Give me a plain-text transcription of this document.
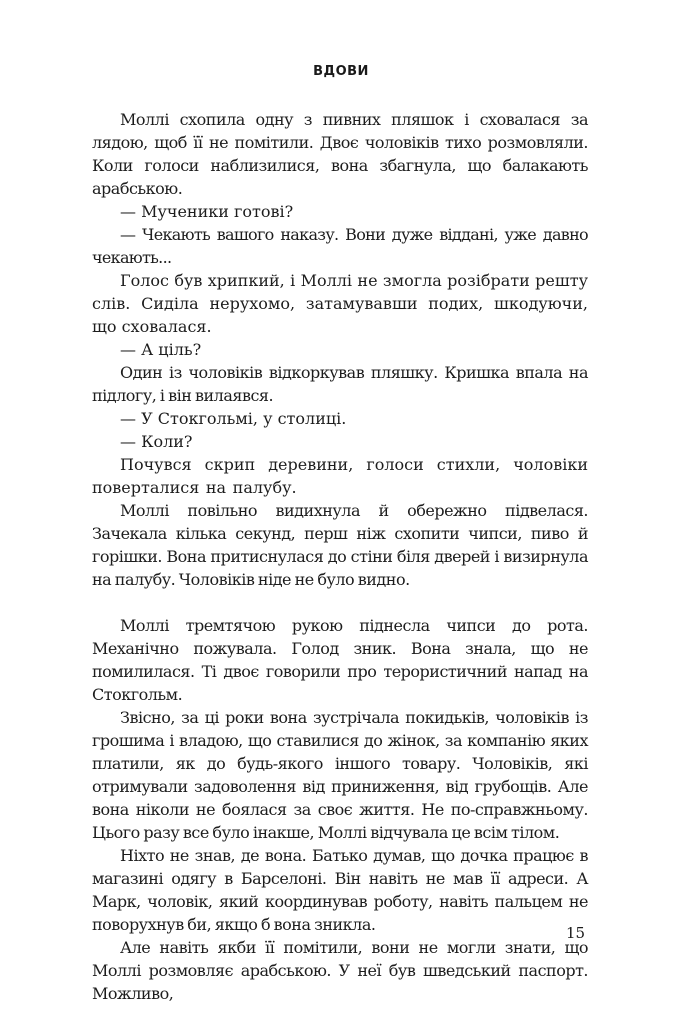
ВДОВИ

Моллі схопила одну з пивних пляшок і сховалася за лядою, щоб її не помітили. Двоє чоловіків тихо розмовляли. Коли голоси наблизилися, вона збагнула, що балакають арабською.

— Мученики готові?

— Чекають вашого наказу. Вони дуже віддані, уже давно чекають...

Голос був хрипкий, і Моллі не змогла розібрати решту слів. Сиділа нерухомо, затамувавши подих, шкодуючи, що сховалася.

— А ціль?

Один із чоловіків відкоркував пляшку. Кришка впала на підлогу, і він вилаявся.

— У Стокгольмі, у столиці.

— Коли?

Почувся скрип деревини, голоси стихли, чоловіки поверталися на палубу.

Моллі повільно видихнула й обережно підвелася. Зачекала кілька секунд, перш ніж схопити чипси, пиво й горішки. Вона притиснулася до стіни біля дверей і визирнула на палубу. Чоловіків ніде не було видно.

Моллі тремтячою рукою піднесла чипси до рота. Механічно пожувала. Голод зник. Вона знала, що не помилилася. Ті двоє говорили про терористичний напад на Стокгольм.

Звісно, за ці роки вона зустрічала покидьків, чоловіків із грошима і владою, що ставилися до жінок, за компанію яких платили, як до будь-якого іншого товару. Чоловіків, які отримували задоволення від приниження, від грубощів. Але вона ніколи не боялася за своє життя. Не по-справжньому. Цього разу все було інакше, Моллі відчувала це всім тілом.

Ніхто не знав, де вона. Батько думав, що дочка працює в магазині одягу в Барселоні. Він навіть не мав її адреси. А Марк, чоловік, який координував роботу, навіть пальцем не поворухнув би, якщо б вона зникла.

Але навіть якби її помітили, вони не могли знати, що Моллі розмовляє арабською. У неї був шведський паспорт. Можливо,

15
